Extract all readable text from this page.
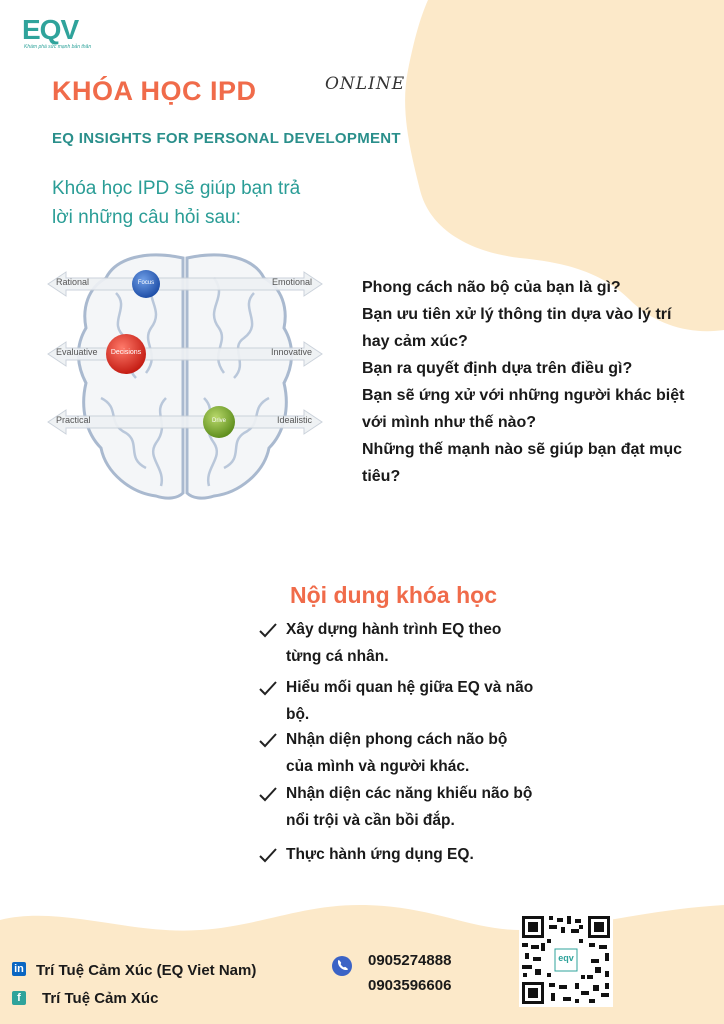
EQV
Khám phá sức mạnh bản thân
KHÓA HỌC IPD	ONLINE
EQ INSIGHTS FOR PERSONAL DEVELOPMENT
Khóa học IPD sẽ giúp bạn trả
lời những câu hỏi sau:
Rational
Evaluative
Practical
Emotional
Innovative
Idealistic
Focus
Decisions
Drive
Phong cách não bộ của bạn là gì?
Bạn ưu tiên xử lý thông tin dựa vào lý trí hay cảm xúc?
Bạn ra quyết định dựa trên điều gì?
Bạn sẽ ứng xử với những người khác biệt với mình như thế nào?
Những thế mạnh nào sẽ giúp bạn đạt mục tiêu?
Nội dung khóa học
Xây dựng hành trình EQ theo từng cá nhân.
Hiểu mối quan hệ giữa EQ và não bộ.
Nhận diện phong cách não bộ của mình và người khác.
Nhận diện các năng khiếu não bộ nổi trội và cần bồi đắp.
Thực hành ứng dụng EQ.
in Trí Tuệ Cảm Xúc (EQ Viet Nam)
f	Trí Tuệ Cảm Xúc
0905274888
0903596606
eqv
